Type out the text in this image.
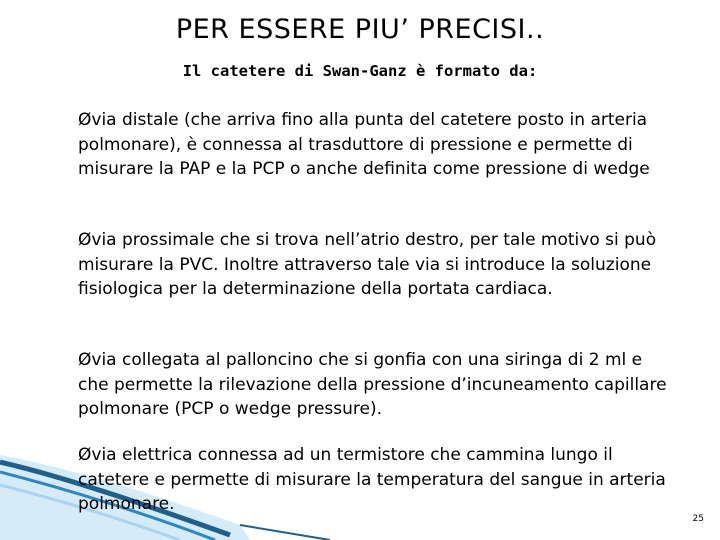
PER ESSERE PIU’ PRECISI..
Il catetere di Swan-Ganz è formato da:
Øvia distale (che arriva fino alla punta del catetere posto in arteria polmonare), è connessa al trasduttore di pressione e permette di misurare la PAP e la PCP o anche definita come pressione di wedge
Øvia prossimale che si trova nell’atrio destro, per tale motivo si può misurare la PVC. Inoltre attraverso tale via si introduce la soluzione fisiologica per la determinazione della portata cardiaca.
Øvia collegata al palloncino che si gonfia con una siringa di 2 ml e che permette la rilevazione della pressione d’incuneamento capillare polmonare (PCP o wedge pressure).
Øvia elettrica connessa ad un termistore che cammina lungo il catetere e permette di misurare la temperatura del sangue in arteria polmonare.
25
